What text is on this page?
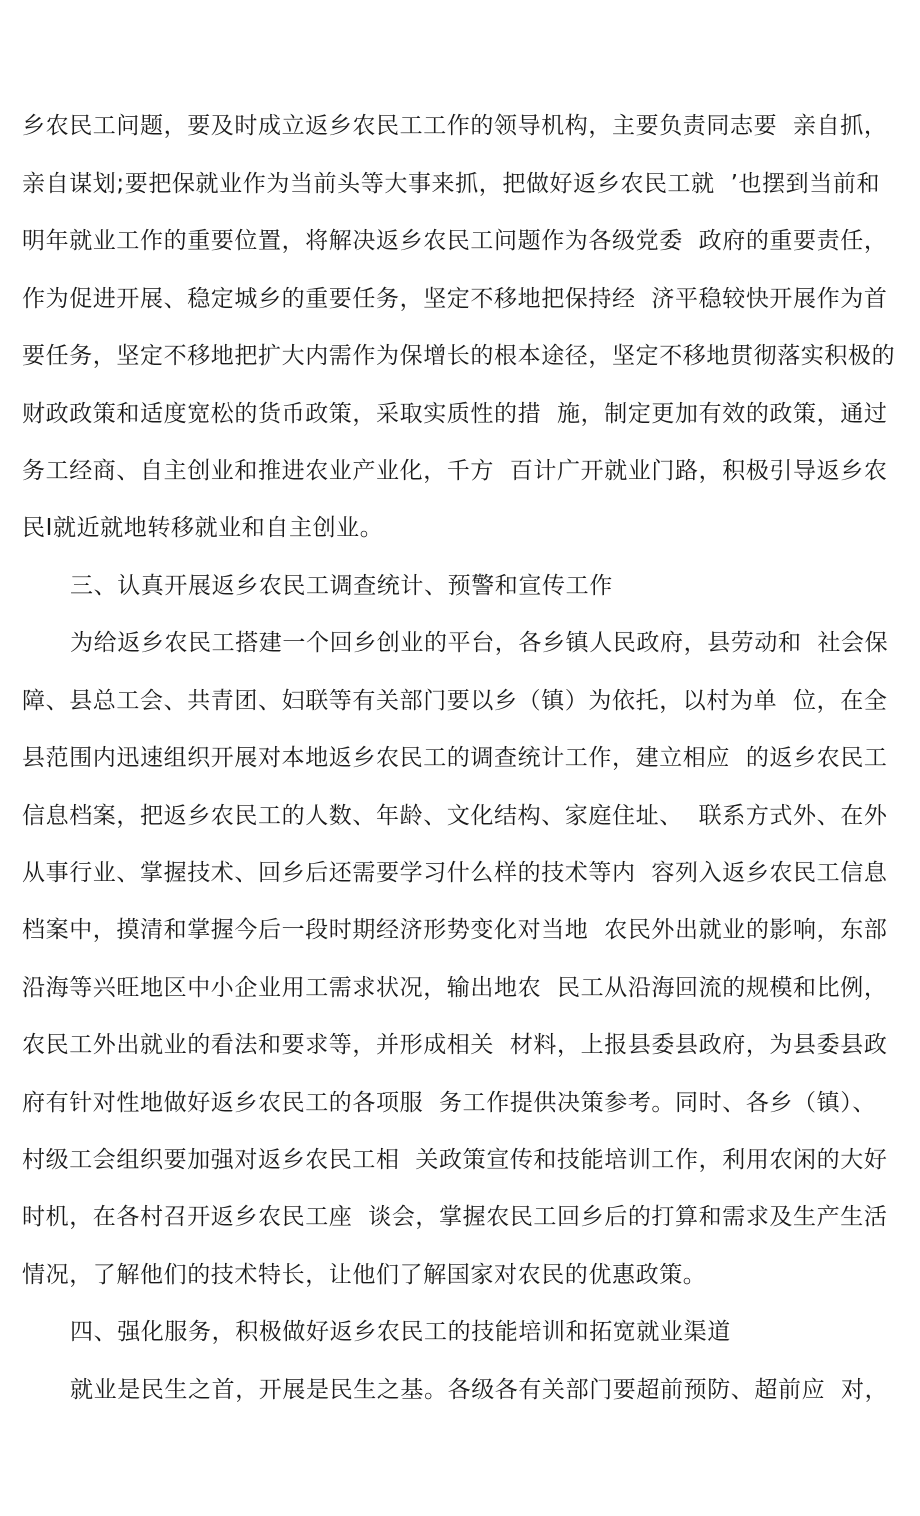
乡农民工问题，要及时成立返乡农民工工作的领导机构，主要负责同志要  亲自抓，
亲自谋划;要把保就业作为当前头等大事来抓，把做好返乡农民工就  ’也摆到当前和
明年就业工作的重要位置，将解决返乡农民工问题作为各级党委  政府的重要责任，
作为促进开展、稳定城乡的重要任务，坚定不移地把保持经  济平稳较快开展作为首
要任务，坚定不移地把扩大内需作为保增长的根本途径，坚定不移地贯彻落实积极的
财政政策和适度宽松的货币政策，采取实质性的措  施，制定更加有效的政策，通过
务工经商、自主创业和推进农业产业化，千方  百计广开就业门路，积极引导返乡农
民I就近就地转移就业和自主创业。
三、认真开展返乡农民工调查统计、预警和宣传工作
为给返乡农民工搭建一个回乡创业的平台，各乡镇人民政府，县劳动和  社会保
障、县总工会、共青团、妇联等有关部门要以乡（镇）为依托，以村为单  位，在全
县范围内迅速组织开展对本地返乡农民工的调查统计工作，建立相应  的返乡农民工
信息档案，把返乡农民工的人数、年龄、文化结构、家庭住址、  联系方式外、在外
从事行业、掌握技术、回乡后还需要学习什么样的技术等内  容列入返乡农民工信息
档案中，摸清和掌握今后一段时期经济形势变化对当地  农民外出就业的影响，东部
沿海等兴旺地区中小企业用工需求状况，输出地农  民工从沿海回流的规模和比例，
农民工外出就业的看法和要求等，并形成相关  材料，上报县委县政府，为县委县政
府有针对性地做好返乡农民工的各项服  务工作提供决策参考。同时、各乡（镇）、
村级工会组织要加强对返乡农民工相  关政策宣传和技能培训工作，利用农闲的大好
时机，在各村召开返乡农民工座  谈会，掌握农民工回乡后的打算和需求及生产生活
情况，了解他们的技术特长，让他们了解国家对农民的优惠政策。
四、强化服务，积极做好返乡农民工的技能培训和拓宽就业渠道
就业是民生之首，开展是民生之基。各级各有关部门要超前预防、超前应  对，
